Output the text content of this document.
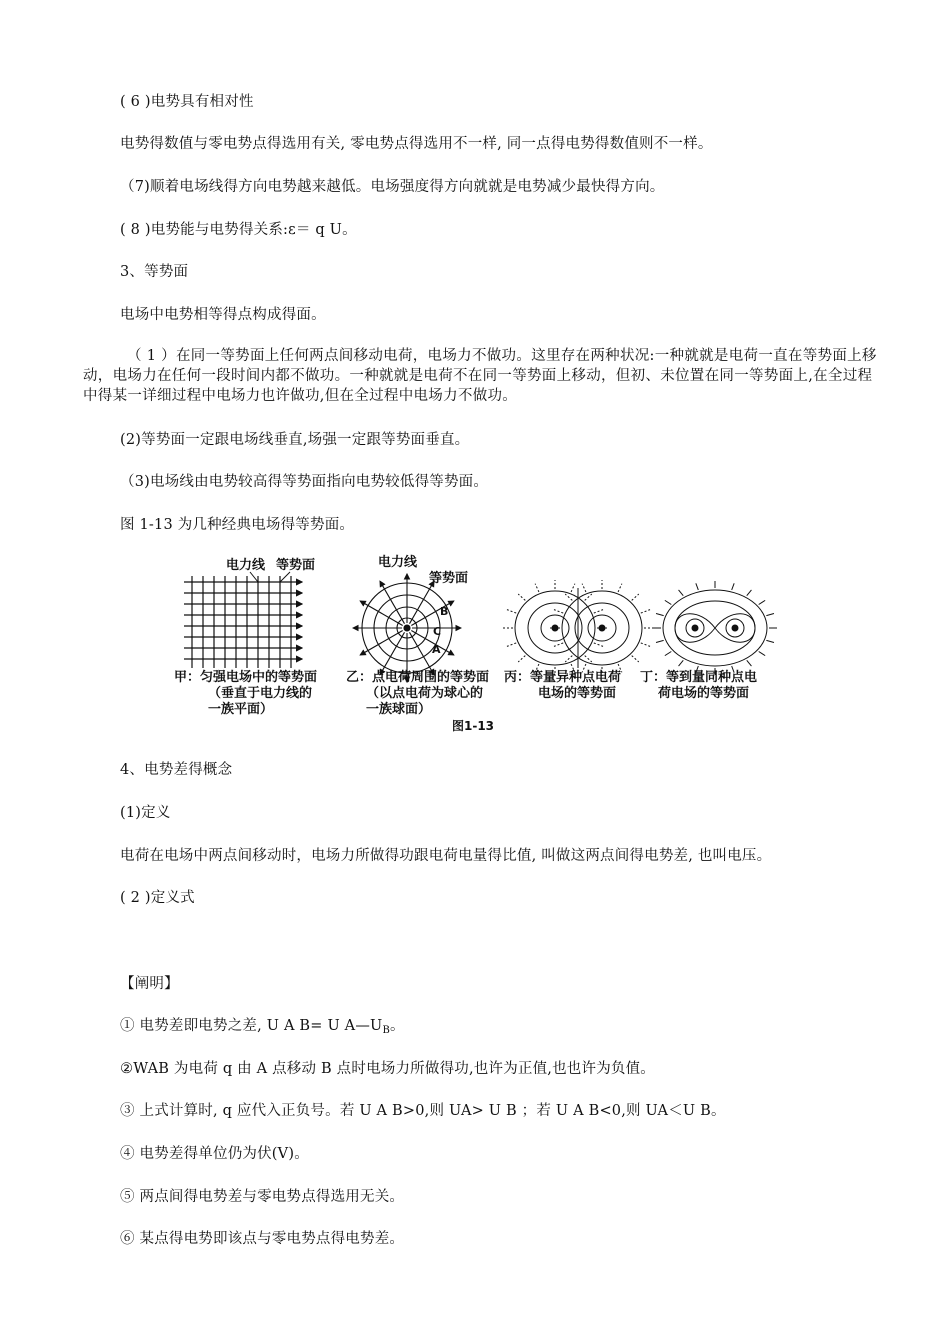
( 6 )电势具有相对性
电势得数值与零电势点得选用有关, 零电势点得选用不一样, 同一点得电势得数值则不一样。
（7)顺着电场线得方向电势越来越低。电场强度得方向就就是电势减少最快得方向。
( 8 )电势能与电势得关系:ε＝ q U。
3、等势面
电场中电势相等得点构成得面。
（ 1 ）在同一等势面上任何两点间移动电荷，电场力不做功。这里存在两种状况:一种就就是电荷一直在等势面上移动，电场力在任何一段时间内都不做功。一种就就是电荷不在同一等势面上移动，但初、未位置在同一等势面上,在全过程中得某一详细过程中电场力也许做功,但在全过程中电场力不做功。
(2)等势面一定跟电场线垂直,场强一定跟等势面垂直。
（3)电场线由电势较高得等势面指向电势较低得等势面。
图 1-13 为几种经典电场得等势面。
电力线 等势面	电力线
等势面
B
C
A
甲：匀强电场中的等势面
（垂直于电力线的
一族平面）
乙：点电荷周围的等势面
（以点电荷为球心的
一族球面）
丙：等量异种点电荷
电场的等势面
丁：等到量同种点电
荷电场的等势面
图1-13
4、电势差得概念
(1)定义
电荷在电场中两点间移动时，电场力所做得功跟电荷电量得比值, 叫做这两点间得电势差, 也叫电压。
( 2 )定义式
【阐明】
① 电势差即电势之差, U A B= U $A—U_B$。
②WAB 为电荷 q 由 A 点移动 B 点时电场力所做得功,也许为正值,也也许为负值。
③ 上式计算时, q 应代入正负号。若 U A B>0,则 UA> U B ；若 U A B<0,则 UA＜U B。
④ 电势差得单位仍为伏(V)。
⑤ 两点间得电势差与零电势点得选用无关。
⑥ 某点得电势即该点与零电势点得电势差。
